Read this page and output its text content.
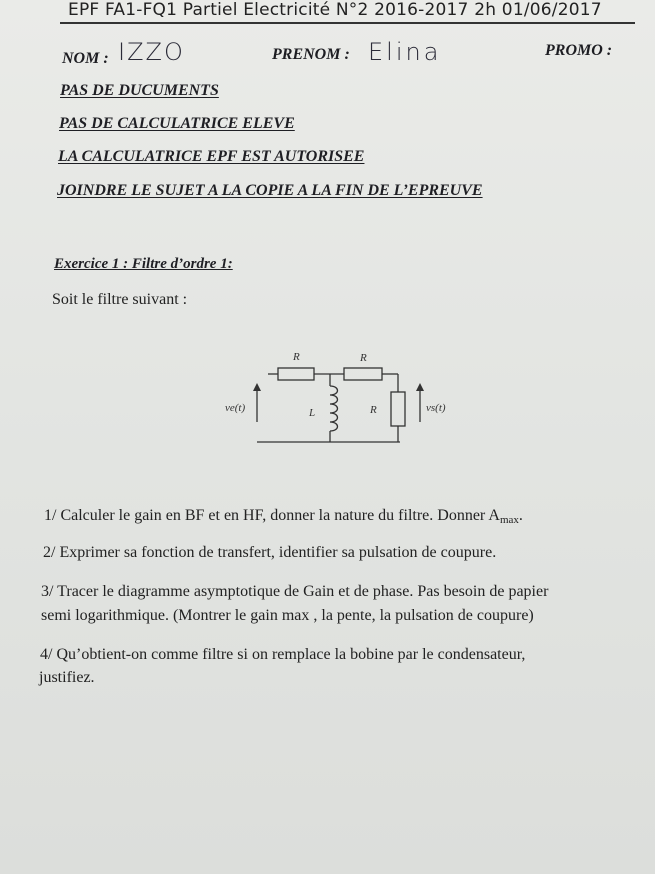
EPF FA1-FQ1 Partiel Electricité N°2 2016-2017 2h 01/06/2017
NOM : IZZO	PRENOM : Elina	PROMO :
PAS DE DUCUMENTS
PAS DE CALCULATRICE ELEVE
LA CALCULATRICE EPF EST AUTORISEE
JOINDRE LE SUJET A LA COPIE A LA FIN DE L’EPREUVE
Exercice 1 : Filtre d’ordre 1:
Soit le filtre suivant :
R	R
L	R
ve(t)	vs(t)
1/ Calculer le gain en BF et en HF, donner la nature du filtre. Donner $A_{max}$.
2/ Exprimer sa fonction de transfert, identifier sa pulsation de coupure.
3/ Tracer le diagramme asymptotique de Gain et de phase. Pas besoin de papier
semi logarithmique. (Montrer le gain max , la pente, la pulsation de coupure)
4/ Qu’obtient-on comme filtre si on remplace la bobine par le condensateur,
justifiez.
